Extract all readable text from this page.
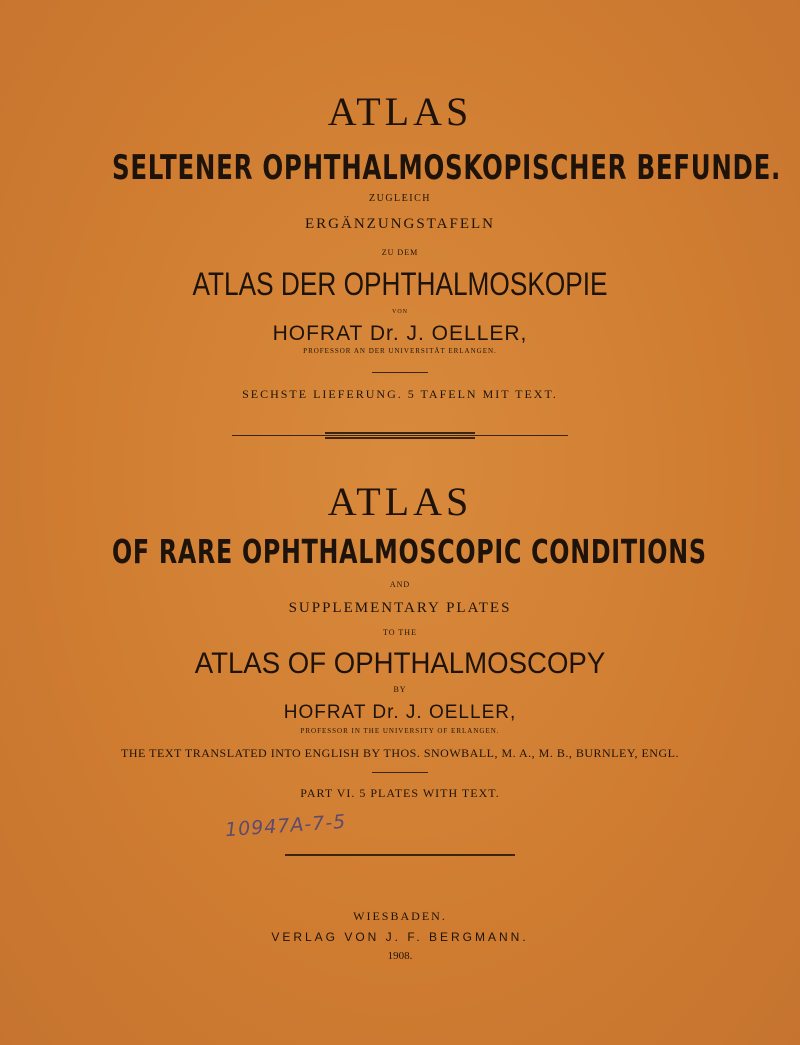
ATLAS
SELTENER OPHTHALMOSKOPISCHER BEFUNDE.
ZUGLEICH
ERGÄNZUNGSTAFELN
ZU DEM
ATLAS DER OPHTHALMOSKOPIE
VON
HOFRAT Dr. J. OELLER,
PROFESSOR AN DER UNIVERSITÄT ERLANGEN.
SECHSTE LIEFERUNG. 5 TAFELN MIT TEXT.
ATLAS
OF RARE OPHTHALMOSCOPIC CONDITIONS
AND
SUPPLEMENTARY PLATES
TO THE
ATLAS OF OPHTHALMOSCOPY
BY
HOFRAT Dr. J. OELLER,
PROFESSOR IN THE UNIVERSITY OF ERLANGEN.
THE TEXT TRANSLATED INTO ENGLISH BY THOS. SNOWBALL, M. A., M. B., BURNLEY, ENGL.
PART VI. 5 PLATES WITH TEXT.
10947A-7-5
WIESBADEN.
VERLAG VON J. F. BERGMANN.
1908.
